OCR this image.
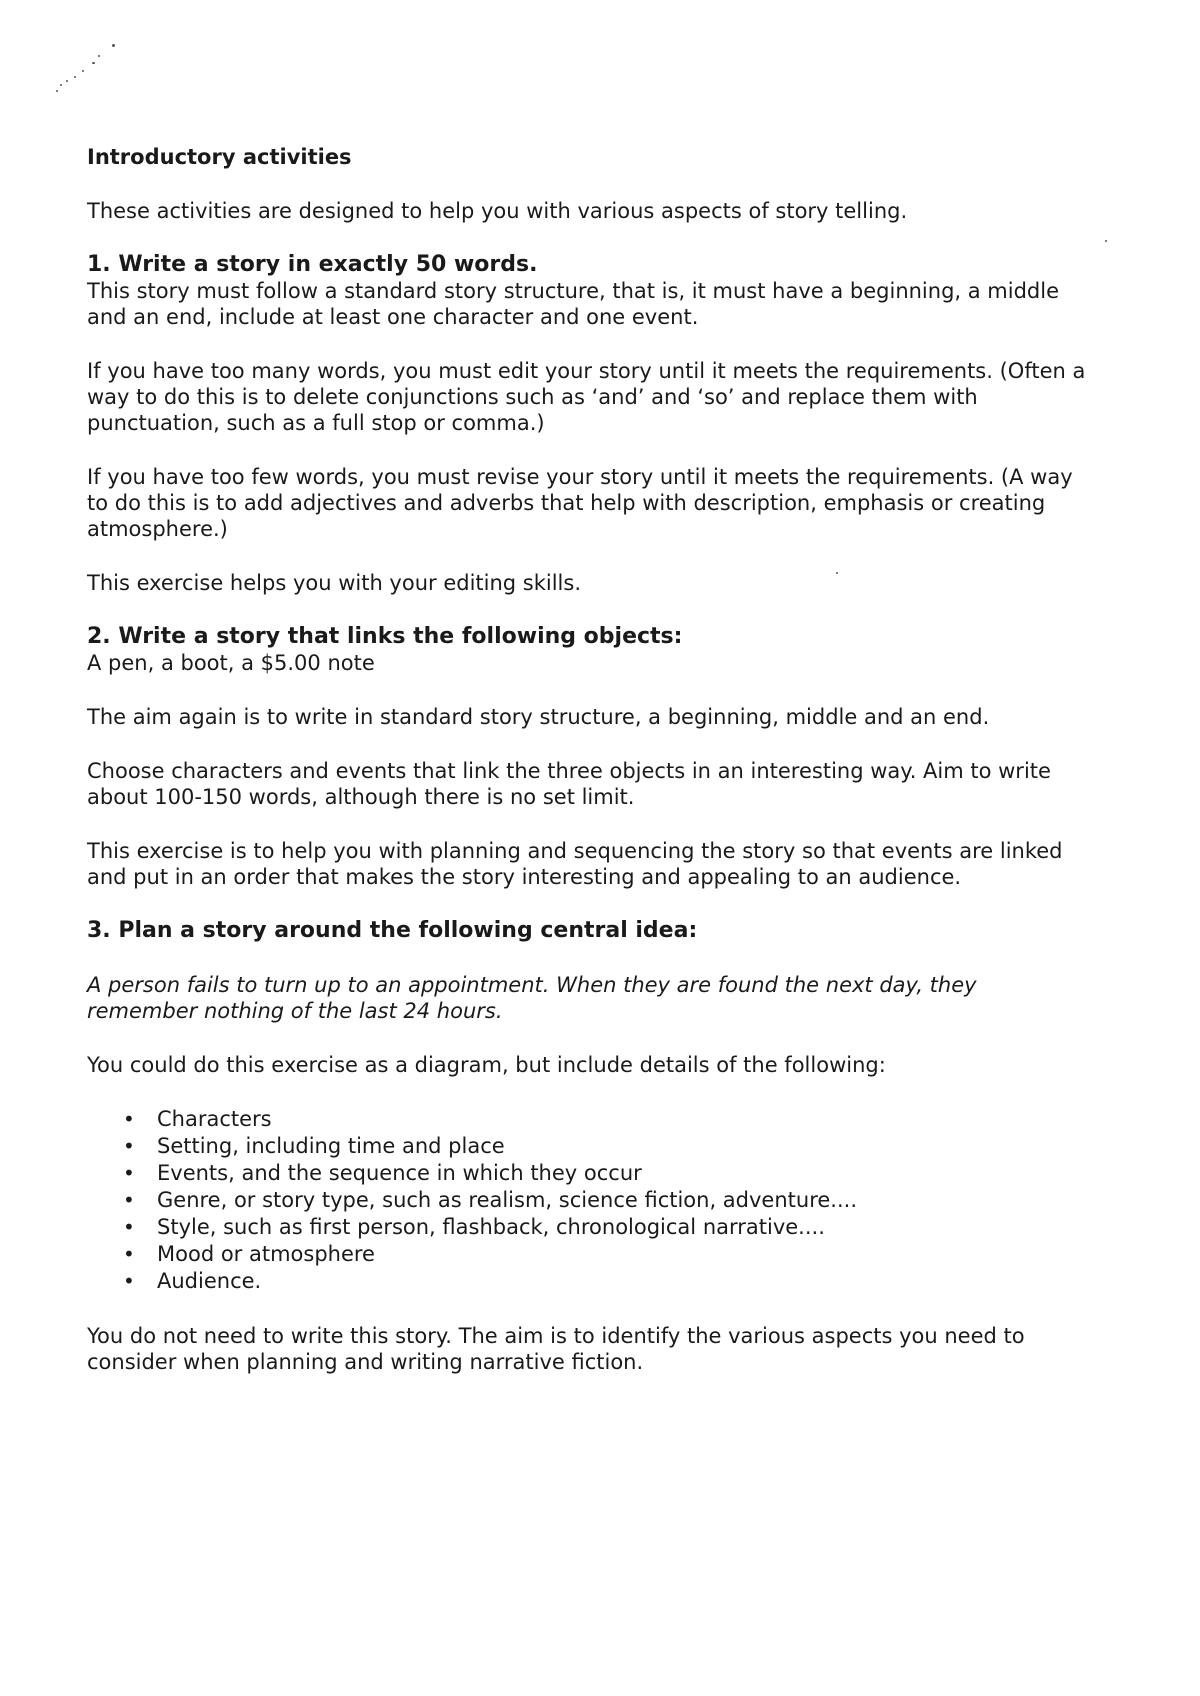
Introductory activities

These activities are designed to help you with various aspects of story telling.

1. Write a story in exactly 50 words.

This story must follow a standard story structure, that is, it must have a beginning, a middle and an end, include at least one character and one event.

If you have too many words, you must edit your story until it meets the requirements. (Often a way to do this is to delete conjunctions such as ‘and’ and ‘so’ and replace them with punctuation, such as a full stop or comma.)

If you have too few words, you must revise your story until it meets the requirements. (A way to do this is to add adjectives and adverbs that help with description, emphasis or creating atmosphere.)

This exercise helps you with your editing skills.

2. Write a story that links the following objects:

A pen, a boot, a $5.00 note

The aim again is to write in standard story structure, a beginning, middle and an end.

Choose characters and events that link the three objects in an interesting way. Aim to write about 100-150 words, although there is no set limit.

This exercise is to help you with planning and sequencing the story so that events are linked and put in an order that makes the story interesting and appealing to an audience.

3. Plan a story around the following central idea:

A person fails to turn up to an appointment. When they are found the next day, they remember nothing of the last 24 hours.

You could do this exercise as a diagram, but include details of the following:

• Characters
• Setting, including time and place
• Events, and the sequence in which they occur
• Genre, or story type, such as realism, science fiction, adventure....
• Style, such as first person, flashback, chronological narrative....
• Mood or atmosphere
• Audience.

You do not need to write this story. The aim is to identify the various aspects you need to consider when planning and writing narrative fiction.
